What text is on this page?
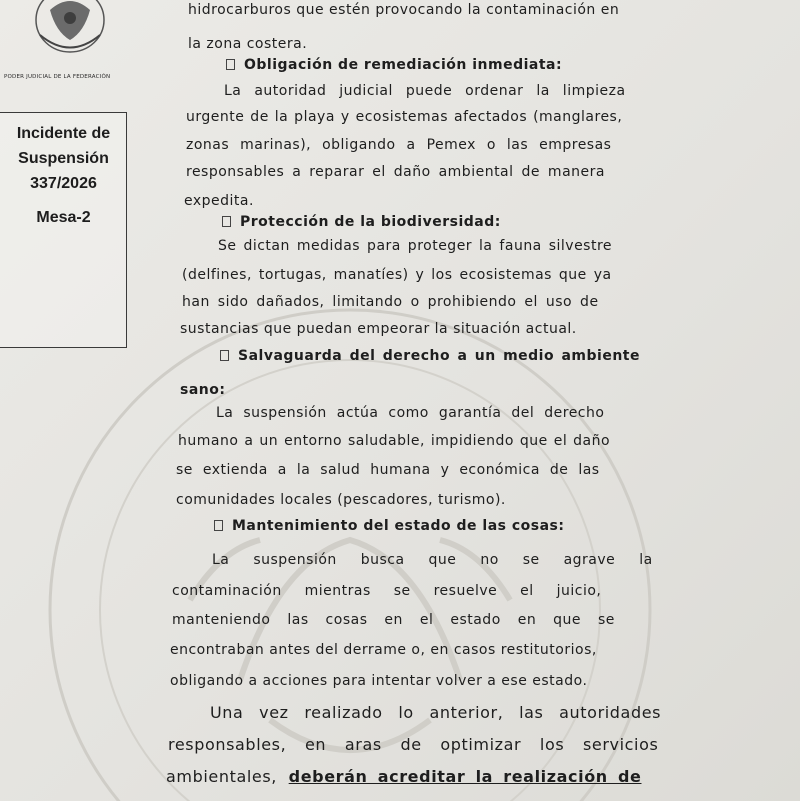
PODER JUDICIAL DE LA FEDERACIÓN
Incidente de
Suspensión
337/2026
Mesa-2
hidrocarburos que estén provocando la contaminación en
la zona costera.
Obligación de remediación inmediata:
La autoridad judicial puede ordenar la limpieza
urgente de la playa y ecosistemas afectados (manglares,
zonas marinas), obligando a Pemex o las empresas
responsables a reparar el daño ambiental de manera
expedita.
Protección de la biodiversidad:
Se dictan medidas para proteger la fauna silvestre
(delfines, tortugas, manatíes) y los ecosistemas que ya
han sido dañados, limitando o prohibiendo el uso de
sustancias que puedan empeorar la situación actual.
Salvaguarda del derecho a un medio ambiente
sano:
La suspensión actúa como garantía del derecho
humano a un entorno saludable, impidiendo que el daño
se extienda a la salud humana y económica de las
comunidades locales (pescadores, turismo).
Mantenimiento del estado de las cosas:
La suspensión busca que no se agrave la
contaminación mientras se resuelve el juicio,
manteniendo las cosas en el estado en que se
encontraban antes del derrame o, en casos restitutorios,
obligando a acciones para intentar volver a ese estado.
Una vez realizado lo anterior, las autoridades
responsables, en aras de optimizar los servicios
ambientales, deberán acreditar la realización de
